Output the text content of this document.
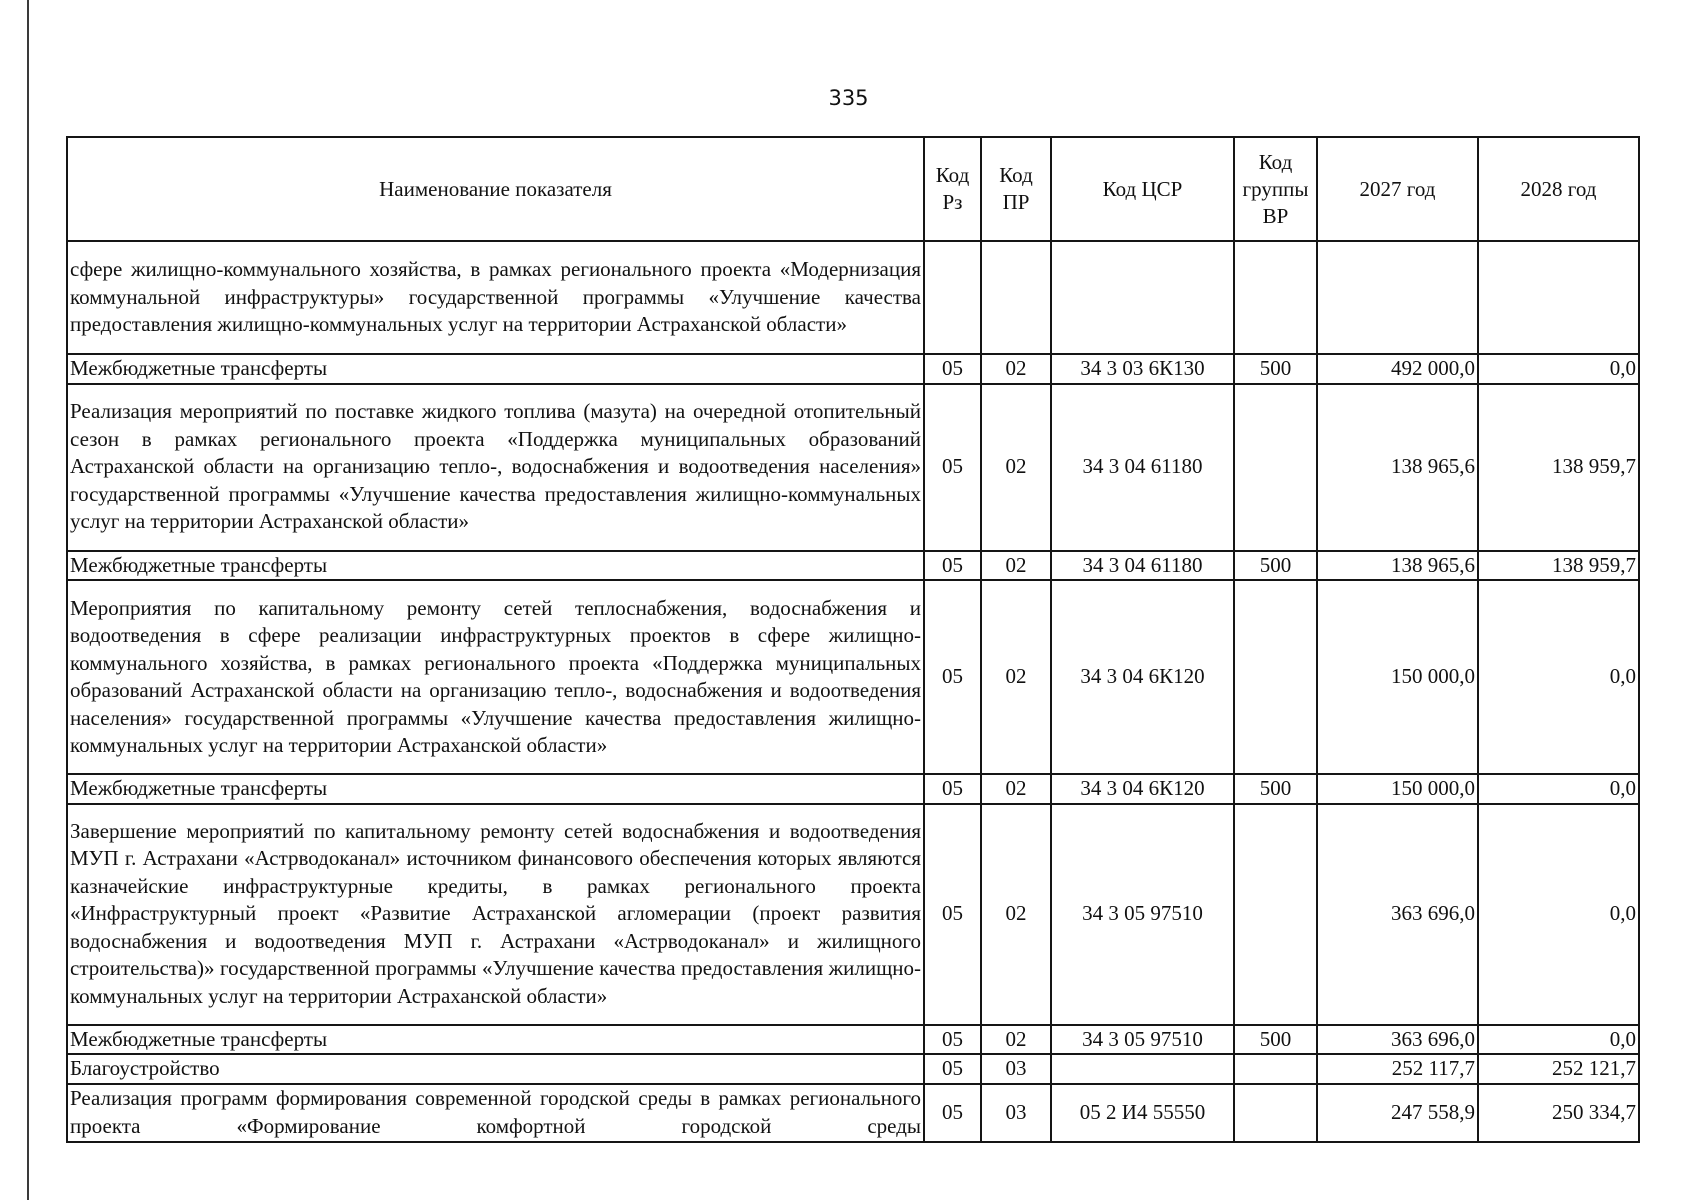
335
Наименование показателя	Код Рз	Код ПР	Код ЦСР	Код группы ВР	2027 год	2028 год
сфере жилищно-коммунального хозяйства, в рамках регионального проекта «Модернизация коммунальной инфраструктуры» государственной программы «Улучшение качества предоставления жилищно-коммунальных услуг на территории Астраханской области»						
Межбюджетные трансферты	05	02	34 3 03 6К130	500	492 000,0	0,0
Реализация мероприятий по поставке жидкого топлива (мазута) на очередной отопительный сезон в рамках регионального проекта «Поддержка муниципальных образований Астраханской области на организацию тепло-, водоснабжения и водоотведения населения» государственной программы «Улучшение качества предоставления жилищно-коммунальных услуг на территории Астраханской области»	05	02	34 3 04 61180		138 965,6	138 959,7
Межбюджетные трансферты	05	02	34 3 04 61180	500	138 965,6	138 959,7
Мероприятия по капитальному ремонту сетей теплоснабжения, водоснабжения и водоотведения в сфере реализации инфраструктурных проектов в сфере жилищно-коммунального хозяйства, в рамках регионального проекта «Поддержка муниципальных образований Астраханской области на организацию тепло-, водоснабжения и водоотведения населения» государственной программы «Улучшение качества предоставления жилищно-коммунальных услуг на территории Астраханской области»	05	02	34 3 04 6К120		150 000,0	0,0
Межбюджетные трансферты	05	02	34 3 04 6К120	500	150 000,0	0,0
Завершение мероприятий по капитальному ремонту сетей водоснабжения и водоотведения МУП г. Астрахани «Астрводоканал» источником финансового обеспечения которых являются казначейские инфраструктурные кредиты, в рамках регионального проекта «Инфраструктурный проект «Развитие Астраханской агломерации (проект развития водоснабжения и водоотведения МУП г. Астрахани «Астрводоканал» и жилищного строительства)» государственной программы «Улучшение качества предоставления жилищно-коммунальных услуг на территории Астраханской области»	05	02	34 3 05 97510		363 696,0	0,0
Межбюджетные трансферты	05	02	34 3 05 97510	500	363 696,0	0,0
Благоустройство	05	03			252 117,7	252 121,7
Реализация программ формирования современной городской среды в рамках регионального проекта «Формирование комфортной городской среды	05	03	05 2 И4 55550		247 558,9	250 334,7
